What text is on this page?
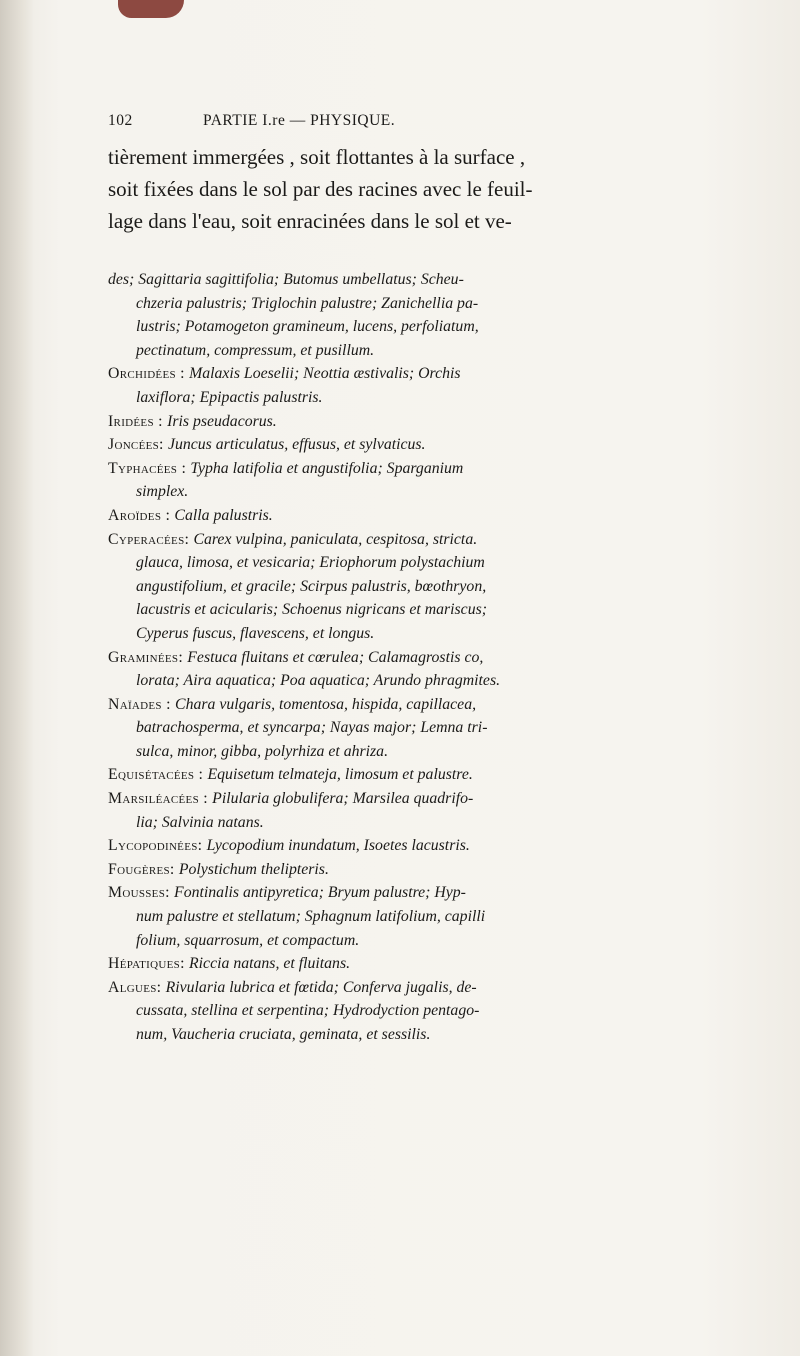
102	PARTIE I.re — PHYSIQUE.
tièrement immergées , soit flottantes à la surface ,
soit fixées dans le sol par des racines avec le feuil-
lage dans l'eau, soit enracinées dans le sol et ve-
des; Sagittaria sagittifolia; Butomus umbellatus; Scheu-

chzeria palustris; Triglochin palustre; Zanichellia pa-
lustris; Potamogeton gramineum, lucens, perfoliatum,
pectinatum, compressum, et pusillum.
Orchidées : Malaxis Loeselii; Neottia æstivalis; Orchis

laxiflora; Epipactis palustris.
Iridées : Iris pseudacorus.

Joncées: Juncus articulatus, effusus, et sylvaticus.

Typhacées : Typha latifolia et angustifolia; Sparganium

simplex.
Aroïdes : Calla palustris.

Cyperacées: Carex vulpina, paniculata, cespitosa, stricta.

glauca, limosa, et vesicaria; Eriophorum polystachium
angustifolium, et gracile; Scirpus palustris, bœothryon,
lacustris et acicularis; Schoenus nigricans et mariscus;
Cyperus fuscus, flavescens, et longus.
Graminées: Festuca fluitans et cœrulea; Calamagrostis co,

lorata; Aira aquatica; Poa aquatica; Arundo phragmites.
Naïades : Chara vulgaris, tomentosa, hispida, capillacea,

batrachosperma, et syncarpa; Nayas major; Lemna tri-
sulca, minor, gibba, polyrhiza et ahriza.
Equisétacées : Equisetum telmateja, limosum et palustre.

Marsiléacées : Pilularia globulifera; Marsilea quadrifo-

lia; Salvinia natans.
Lycopodinées: Lycopodium inundatum, Isoetes lacustris.

Fougères: Polystichum thelipteris.

Mousses: Fontinalis antipyretica; Bryum palustre; Hyp-

num palustre et stellatum; Sphagnum latifolium, capilli
folium, squarrosum, et compactum.
Hépatiques: Riccia natans, et fluitans.

Algues: Rivularia lubrica et fœtida; Conferva jugalis, de-

cussata, stellina et serpentina; Hydrodyction pentago-
num, Vaucheria cruciata, geminata, et sessilis.
